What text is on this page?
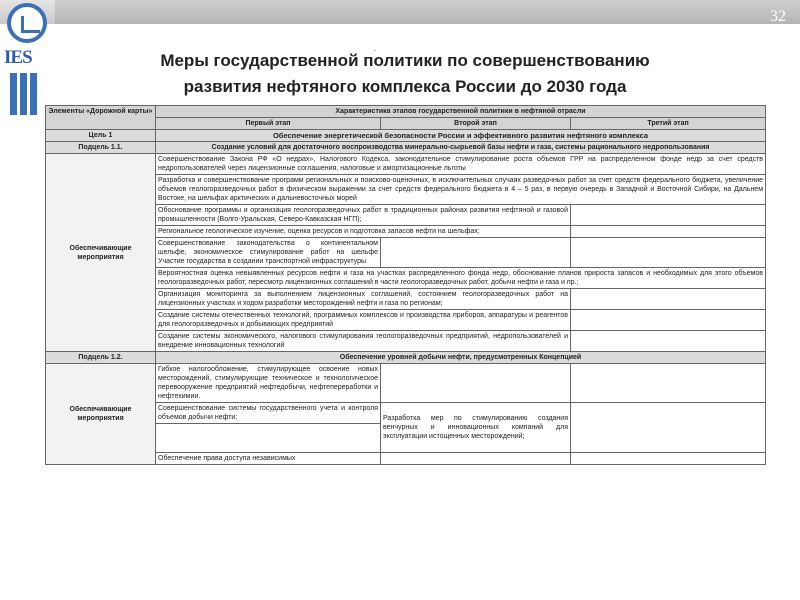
32
IES	.
Меры государственной политики по совершенствованию
развития нефтяного комплекса России до 2030 года
Элементы «Дорожной карты»	Характеристика этапов государственной политики в нефтяной отрасли		
	Первый этап	Второй этап	Третий этап
Цель 1	Обеспечение энергетической безопасности России и эффективного развития нефтяного комплекса		
Подцель 1.1.	Создание условий для достаточного воспроизводства минерально-сырьевой базы нефти и газа, системы рационального недропользования		
Обеспечивающие мероприятия	Совершенствование Закона РФ «О недрах», Налогового Кодекса, законодательное стимулирование роста объемов ГРР на распределенном фонде недр за счет средств недропользователей через лицензионные соглашения, налоговые и амортизационные льготы		
	Разработка и совершенствование программ региональных и поисково-оценочных, в исключительных случаях разведочных работ за счет средств федерального бюджета, увеличение объемов геологоразведочных работ в физическом выражении за счет средств федерального бюджета в 4 – 5 раз, в первую очередь в Западной и Восточной Сибири, на Дальнем Востоке, на шельфах арктических и дальневосточных морей		
	Обоснование программы и организация геологоразведочных работ в традиционных районах развития нефтяной и газовой промышленности (Волго-Уральская, Северо-Кавказская НГП);		
	Региональное геологическое изучение, оценка ресурсов и подготовка запасов нефти на шельфах;		
	Совершенствование законодательства о континентальном шельфе, экономическое стимулирование работ на шельфе Участие государства в создании транспортной инфраструктуры		
	Вероятностная оценка невыявленных ресурсов нефти и газа на участках распределенного фонда недр, обоснование планов прироста запасов и необходимых для этого объемов геологоразведочных работ, пересмотр лицензионных соглашений в части геологоразведочных работ, добычи нефти и газа и пр.;		
	Организация мониторинга за выполнением лицензионных соглашений, состоянием геологоразведочных работ на лицензионных участках и ходом разработки месторождений нефти и газа по регионам;		
	Создание системы отечественных технологий, программных комплексов и производства приборов, аппаратуры и реагентов для геологоразведочных и добывающих предприятий		
	Создание системы экономического, налогового стимулирования геологоразведочных предприятий, недропользователей и внедрение инновационных технологий		
Подцель 1.2.	Обеспечение уровней добычи нефти, предусмотренных Концепцией		
Обеспечивающие мероприятия	Гибкое налогообложение, стимулирующее освоение новых месторождений, стимулирующие техническое и технологическое перевооружение предприятий нефтедобычи, нефтепереработки и нефтехимии.		
	Совершенствование системы государственного учета и контроля объемов добычи нефти;	Разработка мер по стимулированию создания венчурных и инновационных компаний для эксплуатации истощенных месторождений;	

	Обеспечение права доступа независимых		
